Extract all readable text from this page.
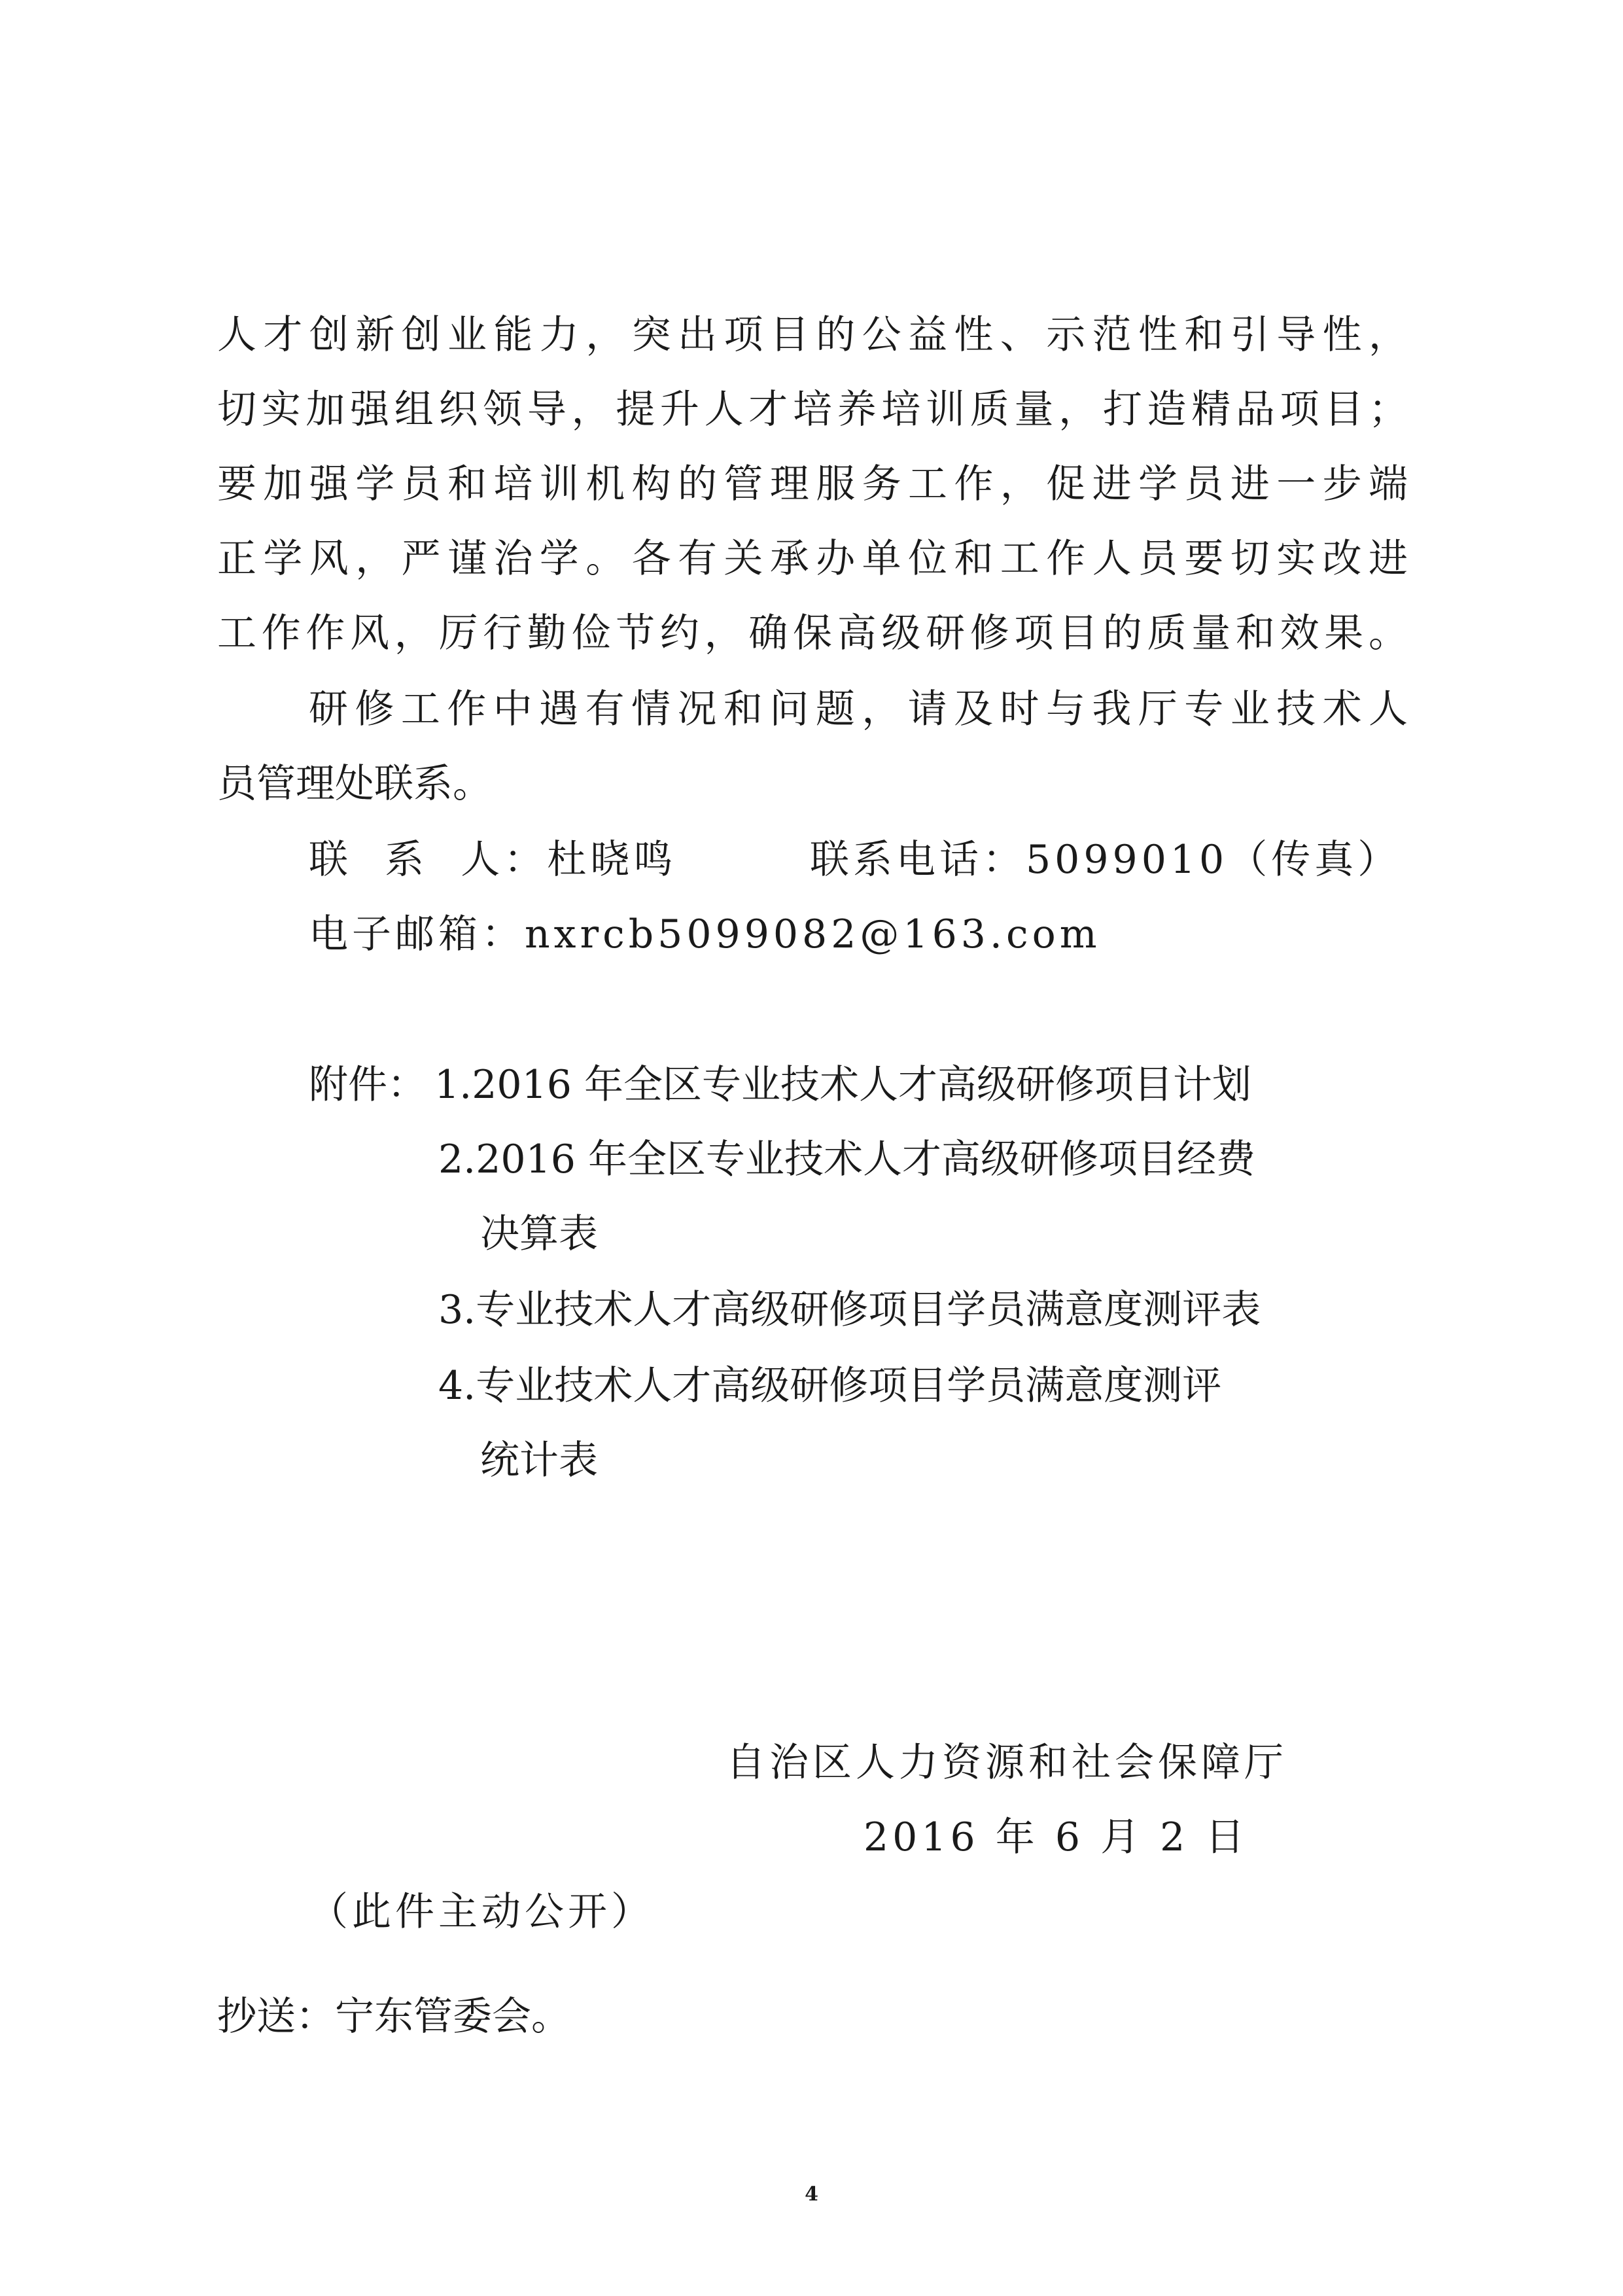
人才创新创业能力，突出项目的公益性、示范性和引导性，
切实加强组织领导，提升人才培养培训质量，打造精品项目；
要加强学员和培训机构的管理服务工作，促进学员进一步端
正学风，严谨治学。各有关承办单位和工作人员要切实改进
工作作风，厉行勤俭节约，确保高级研修项目的质量和效果。
研修工作中遇有情况和问题，请及时与我厅专业技术人
员管理处联系。
联  系  人：杜晓鸣	联系电话：5099010（传真）
电子邮箱：nxrcb5099082@163.com
附件： 1.2016 年全区专业技术人才高级研修项目计划
2.2016 年全区专业技术人才高级研修项目经费
决算表
3.专业技术人才高级研修项目学员满意度测评表
4.专业技术人才高级研修项目学员满意度测评
统计表
自治区人力资源和社会保障厅
2016 年 6 月 2 日
（此件主动公开）
抄送：宁东管委会。
4
